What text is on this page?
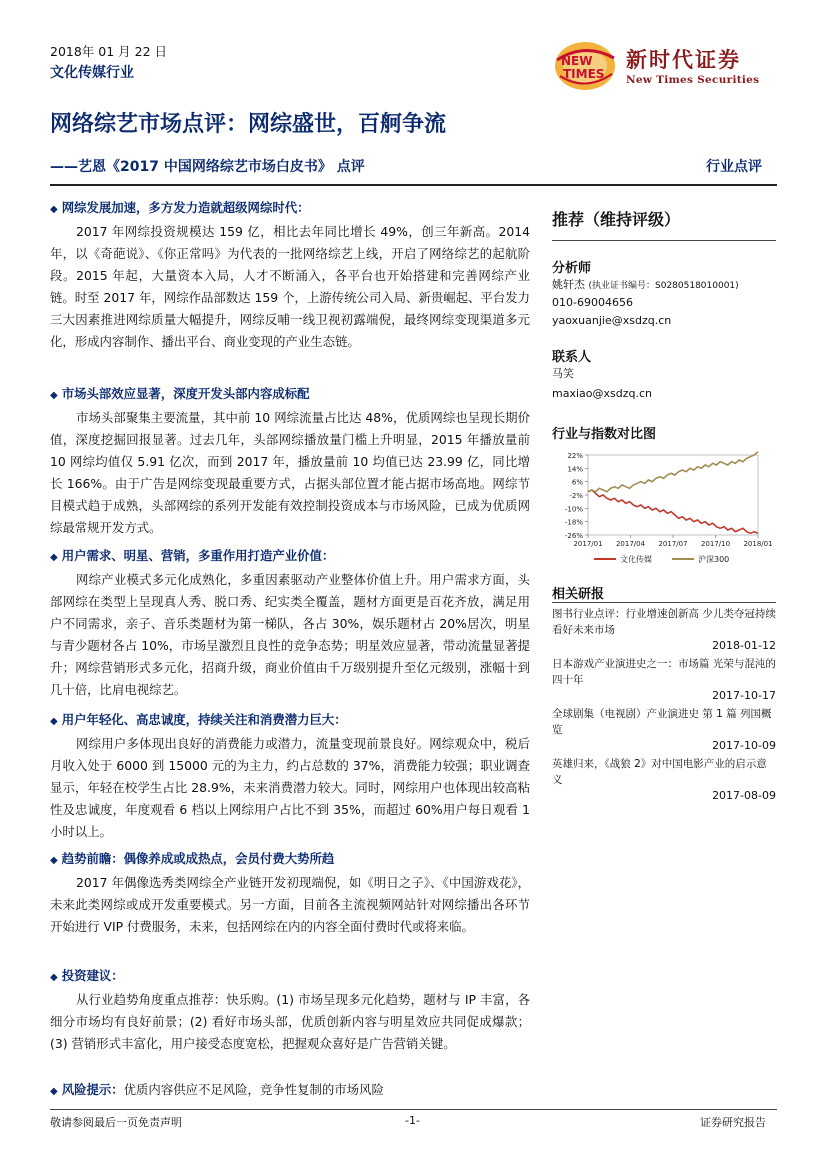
2018年 01 月 22 日
文化传媒行业
NEW
TIMES
新时代证券
New Times Securities
网络综艺市场点评：网综盛世，百舸争流
——艺恩《2017 中国网络综艺市场白皮书》 点评	行业点评
◆ 网综发展加速，多方发力造就超级网综时代：
2017 年网综投资规模达 159 亿，相比去年同比增长 49%，创三年新高。2014 年，以《奇葩说》、《你正常吗》为代表的一批网络综艺上线，开启了网络综艺的起航阶段。2015 年起，大量资本入局，人才不断涌入，各平台也开始搭建和完善网综产业链。时至 2017 年，网综作品部数达 159 个，上游传统公司入局、新贵崛起、平台发力三大因素推进网综质量大幅提升，网综反哺一线卫视初露端倪，最终网综变现渠道多元化，形成内容制作、播出平台、商业变现的产业生态链。
◆ 市场头部效应显著，深度开发头部内容成标配
市场头部聚集主要流量，其中前 10 网综流量占比达 48%，优质网综也呈现长期价值，深度挖掘回报显著。过去几年，头部网综播放量门槛上升明显，2015 年播放量前 10 网综均值仅 5.91 亿次，而到 2017 年，播放量前 10 均值已达 23.99 亿，同比增长 166%。由于广告是网综变现最重要方式，占据头部位置才能占据市场高地。网综节目模式趋于成熟，头部网综的系列开发能有效控制投资成本与市场风险，已成为优质网综最常规开发方式。
◆ 用户需求、明星、营销，多重作用打造产业价值：
网综产业模式多元化成熟化，多重因素驱动产业整体价值上升。用户需求方面，头部网综在类型上呈现真人秀、脱口秀、纪实类全覆盖，题材方面更是百花齐放，满足用户不同需求，亲子、音乐类题材为第一梯队，各占 30%，娱乐题材占 20%居次，明星与青少题材各占 10%，市场呈激烈且良性的竞争态势；明星效应显著，带动流量显著提升；网综营销形式多元化，招商升级，商业价值由千万级别提升至亿元级别，涨幅十到几十倍，比肩电视综艺。
◆ 用户年轻化、高忠诚度，持续关注和消费潜力巨大：
网综用户多体现出良好的消费能力或潜力，流量变现前景良好。网综观众中，税后月收入处于 6000 到 15000 元的为主力，约占总数的 37%，消费能力较强；职业调查显示，年轻在校学生占比 28.9%，未来消费潜力较大。同时，网综用户也体现出较高粘性及忠诚度，年度观看 6 档以上网综用户占比不到 35%，而超过 60%用户每日观看 1 小时以上。
◆ 趋势前瞻：偶像养成或成热点，会员付费大势所趋
2017 年偶像选秀类网综全产业链开发初现端倪，如《明日之子》、《中国游戏花》，未来此类网综或成开发重要模式。另一方面，目前各主流视频网站针对网综播出各环节开始进行 VIP 付费服务，未来，包括网综在内的内容全面付费时代或将来临。
◆ 投资建议：
从行业趋势角度重点推荐：快乐购。(1) 市场呈现多元化趋势，题材与 IP 丰富，各细分市场均有良好前景；(2) 看好市场头部，优质创新内容与明星效应共同促成爆款；(3) 营销形式丰富化，用户接受态度宽松，把握观众喜好是广告营销关键。
◆ 风险提示：优质内容供应不足风险，竞争性复制的市场风险
推荐（维持评级）
分析师
姚轩杰 (执业证书编号：S0280518010001)
010-69004656
yaoxuanjie@xsdzq.cn
联系人
马笑
maxiao@xsdzq.cn
行业与指数对比图
22%
14%
6%
-2%
-10%
-18%
-26%
2017/01 2017/04 2017/07 2017/10 2018/01
文化传媒	沪深300
相关研报
图书行业点评：行业增速创新高 少儿类夺冠持续看好未来市场
2018-01-12
日本游戏产业演进史之一：市场篇 光荣与混沌的四十年
2017-10-17
全球剧集（电视剧）产业演进史 第 1 篇 列国概览
2017-10-09
英雄归来，《战狼 2》对中国电影产业的启示意义
2017-08-09
敬请参阅最后一页免责声明	-1-	证券研究报告
